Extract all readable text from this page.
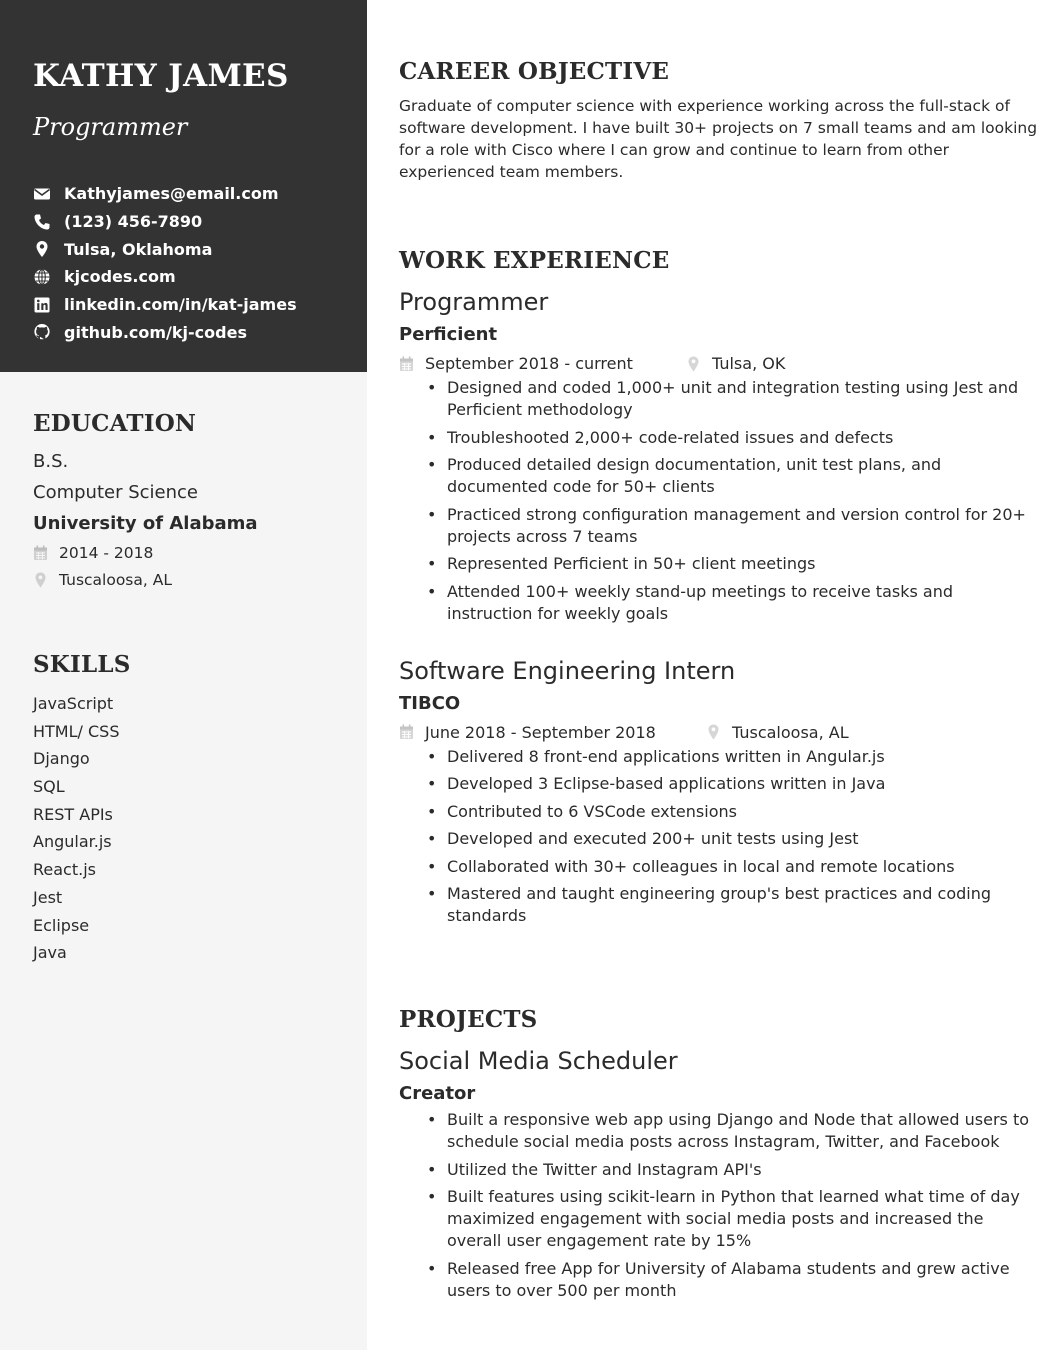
KATHY JAMES
Programmer
Kathyjames@email.com
(123) 456-7890
Tulsa, Oklahoma
kjcodes.com
linkedin.com/in/kat-james
github.com/kj-codes
EDUCATION
B.S.
Computer Science
University of Alabama
2014 - 2018
Tuscaloosa, AL
SKILLS
JavaScript
HTML/ CSS
Django
SQL
REST APIs
Angular.js
React.js
Jest
Eclipse
Java
CAREER OBJECTIVE

Graduate of computer science with experience working across the full-stack of software development. I have built 30+ projects on 7 small teams and am looking for a role with Cisco where I can grow and continue to learn from other experienced team members.

WORK EXPERIENCE
Programmer
Perficient
September 2018 - current	Tulsa, OK
• Designed and coded 1,000+ unit and integration testing using Jest and Perficient methodology
• Troubleshooted 2,000+ code-related issues and defects
• Produced detailed design documentation, unit test plans, and documented code for 50+ clients
• Practiced strong configuration management and version control for 20+ projects across 7 teams
• Represented Perficient in 50+ client meetings
• Attended 100+ weekly stand-up meetings to receive tasks and instruction for weekly goals
Software Engineering Intern
TIBCO
June 2018 - September 2018	Tuscaloosa, AL
• Delivered 8 front-end applications written in Angular.js
• Developed 3 Eclipse-based applications written in Java
• Contributed to 6 VSCode extensions
• Developed and executed 200+ unit tests using Jest
• Collaborated with 30+ colleagues in local and remote locations
• Mastered and taught engineering group's best practices and coding standards
PROJECTS
Social Media Scheduler
Creator
• Built a responsive web app using Django and Node that allowed users to schedule social media posts across Instagram, Twitter, and Facebook
• Utilized the Twitter and Instagram API's
• Built features using scikit-learn in Python that learned what time of day maximized engagement with social media posts and increased the overall user engagement rate by 15%
• Released free App for University of Alabama students and grew active users to over 500 per month
